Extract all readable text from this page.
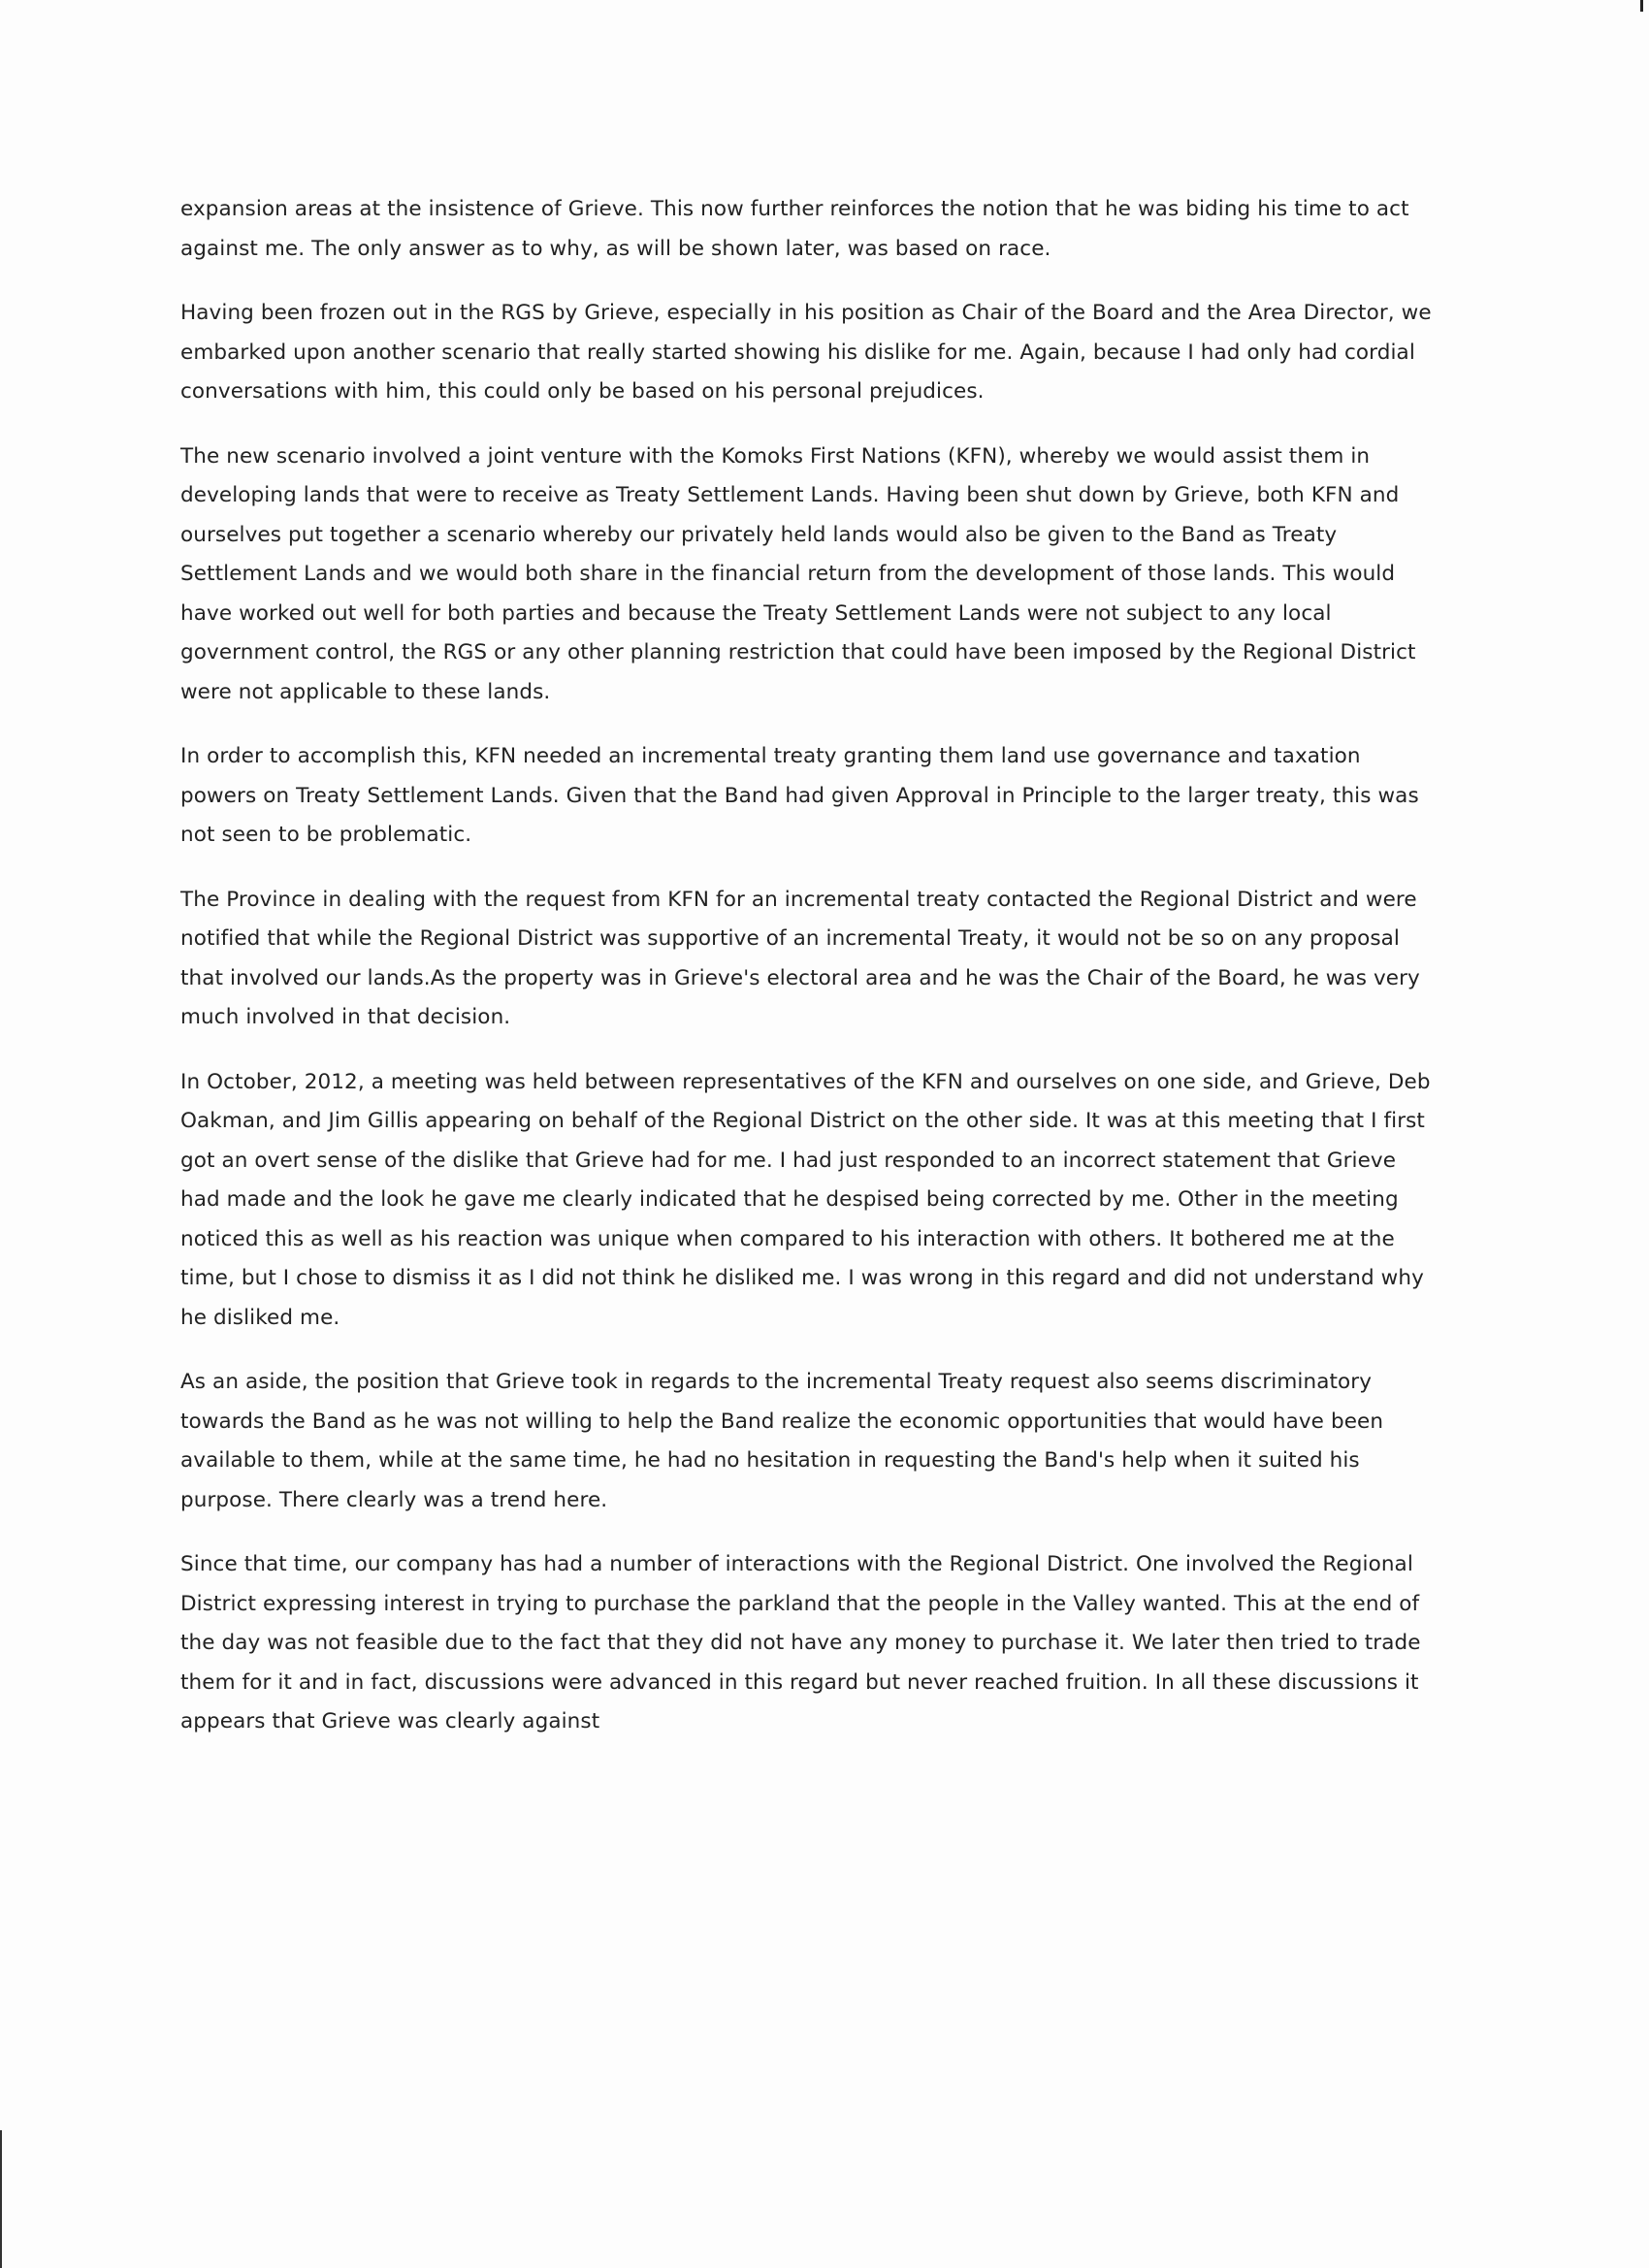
expansion areas at the insistence of Grieve. This now further reinforces the notion that he was biding his time to act against me. The only answer as to why, as will be shown later, was based on race.

Having been frozen out in the RGS by Grieve, especially in his position as Chair of the Board and the Area Director, we embarked upon another scenario that really started showing his dislike for me. Again, because I had only had cordial conversations with him, this could only be based on his personal prejudices.

The new scenario involved a joint venture with the Komoks First Nations (KFN), whereby we would assist them in developing lands that were to receive as Treaty Settlement Lands. Having been shut down by Grieve, both KFN and ourselves put together a scenario whereby our privately held lands would also be given to the Band as Treaty Settlement Lands and we would both share in the financial return from the development of those lands. This would have worked out well for both parties and because the Treaty Settlement Lands were not subject to any local government control, the RGS or any other planning restriction that could have been imposed by the Regional District were not applicable to these lands.

In order to accomplish this, KFN needed an incremental treaty granting them land use governance and taxation powers on Treaty Settlement Lands. Given that the Band had given Approval in Principle to the larger treaty, this was not seen to be problematic.

The Province in dealing with the request from KFN for an incremental treaty contacted the Regional District and were notified that while the Regional District was supportive of an incremental Treaty, it would not be so on any proposal that involved our lands.As the property was in Grieve's electoral area and he was the Chair of the Board, he was very much involved in that decision.

In October, 2012, a meeting was held between representatives of the KFN and ourselves on one side, and Grieve, Deb Oakman, and Jim Gillis appearing on behalf of the Regional District on the other side. It was at this meeting that I first got an overt sense of the dislike that Grieve had for me. I had just responded to an incorrect statement that Grieve had made and the look he gave me clearly indicated that he despised being corrected by me. Other in the meeting noticed this as well as his reaction was unique when compared to his interaction with others. It bothered me at the time, but I chose to dismiss it as I did not think he disliked me. I was wrong in this regard and did not understand why he disliked me.

As an aside, the position that Grieve took in regards to the incremental Treaty request also seems discriminatory towards the Band as he was not willing to help the Band realize the economic opportunities that would have been available to them, while at the same time, he had no hesitation in requesting the Band's help when it suited his purpose. There clearly was a trend here.

Since that time, our company has had a number of interactions with the Regional District. One involved the Regional District expressing interest in trying to purchase the parkland that the people in the Valley wanted. This at the end of the day was not feasible due to the fact that they did not have any money to purchase it. We later then tried to trade them for it and in fact, discussions were advanced in this regard but never reached fruition. In all these discussions it appears that Grieve was clearly against
